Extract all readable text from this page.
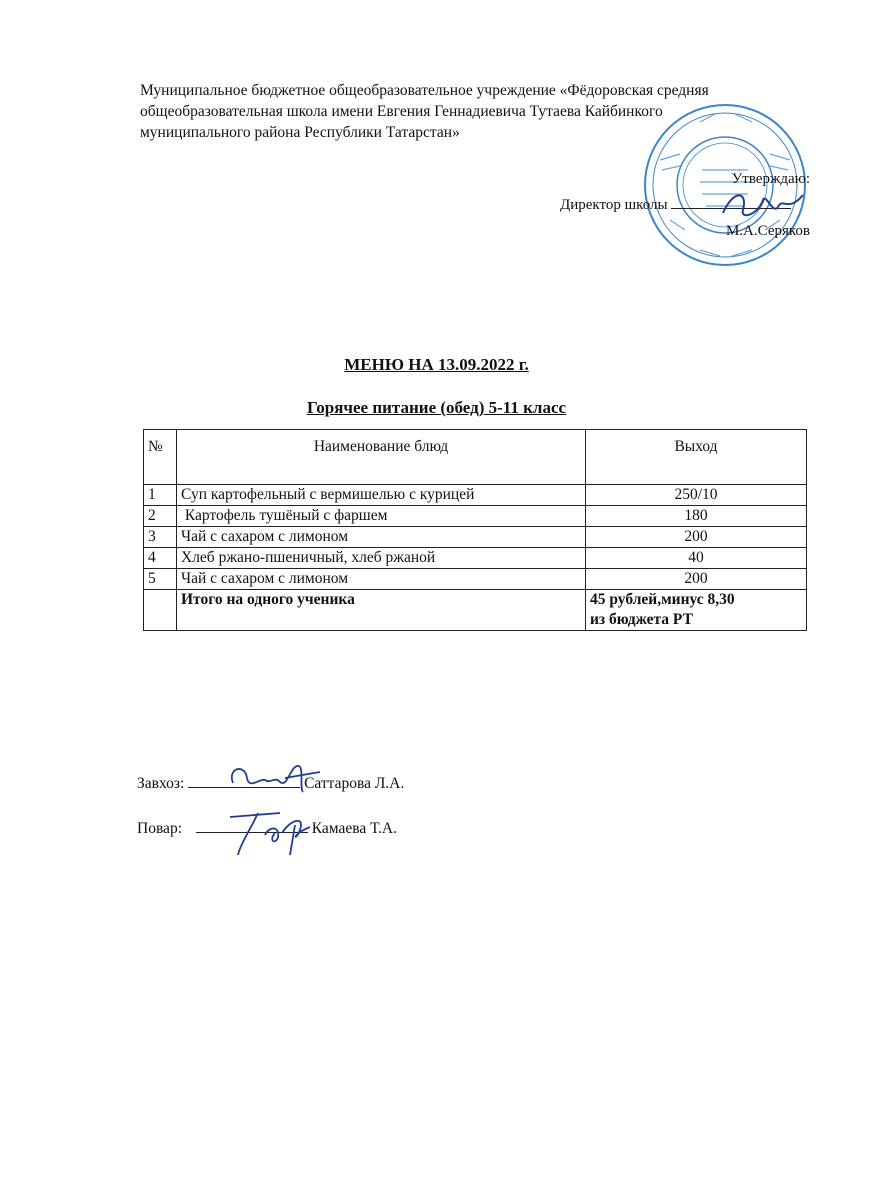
Муниципальное бюджетное общеобразовательное учреждение «Фёдоровская средняя
общеобразовательная школа имени Евгения Геннадиевича Тутаева Кайбинкого
муниципального района Республики Татарстан»
Утверждаю:
Директор школы
М.А.Серяков
МЕНЮ НА 13.09.2022 г.
Горячее питание (обед) 5-11 класс
№	Наименование блюд	Выход
1	Суп картофельный с вермишелью с курицей	250/10
2	Картофель тушёный с фаршем	180
3	Чай с сахаром с лимоном	200
4	Хлеб ржано-пшеничный, хлеб ржаной	40
5	Чай с сахаром с лимоном	200
	Итого на одного ученика	45 рублей,минус 8,30
из бюджета РТ
Завхоз:	Саттарова Л.А.
Повар:	Камаева Т.А.
